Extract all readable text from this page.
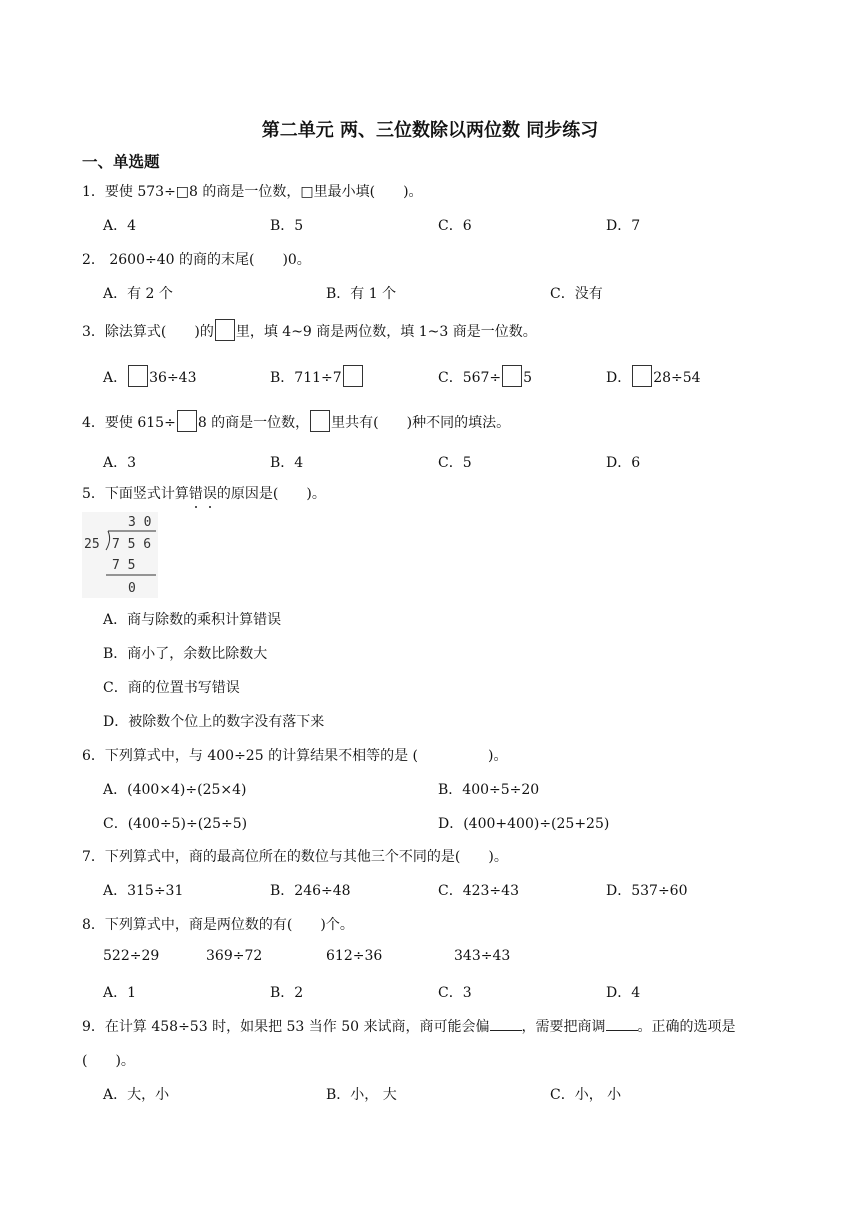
第二单元 两、三位数除以两位数 同步练习
一、单选题
1．要使 573÷□8 的商是一位数，□里最小填(　　)。
A．4	B．5	C．6	D．7
2． 2600÷40 的商的末尾(　　)0。
A．有 2 个	B．有 1 个	C．没有
3．除法算式(　　)的 里，填 4~9 商是两位数，填 1~3 商是一位数。
A． 36÷43	B．711÷7	C．567÷ 5	D． 28÷54
4．要使 615÷ 8 的商是一位数， 里共有(　　)种不同的填法。
A．3	B．4	C．5	D．6
5．下面竖式计算错误
的原因是(　　)。
3 0
25 7 5 6
7 5
0
A．商与除数的乘积计算错误
B．商小了，余数比除数大
C．商的位置书写错误
D．被除数个位上的数字没有落下来
6．下列算式中，与 400÷25 的计算结果不相等的是 (　　　　　)。
A．(400×4)÷(25×4)	B．400÷5÷20
C．(400÷5)÷(25÷5)	D．(400+400)÷(25+25)
7．下列算式中，商的最高位所在的数位与其他三个不同的是(　　)。
A．315÷31	B．246÷48	C．423÷43	D．537÷60
8．下列算式中，商是两位数的有(　　)个。
522÷29	369÷72	612÷36	343÷43
A．1	B．2	C．3	D．4
9．在计算 458÷53 时，如果把 53 当作 50 来试商，商可能会偏 ，需要把商调 。正确的选项是
(　　)。
A．大，小	B．小， 大	C．小， 小
